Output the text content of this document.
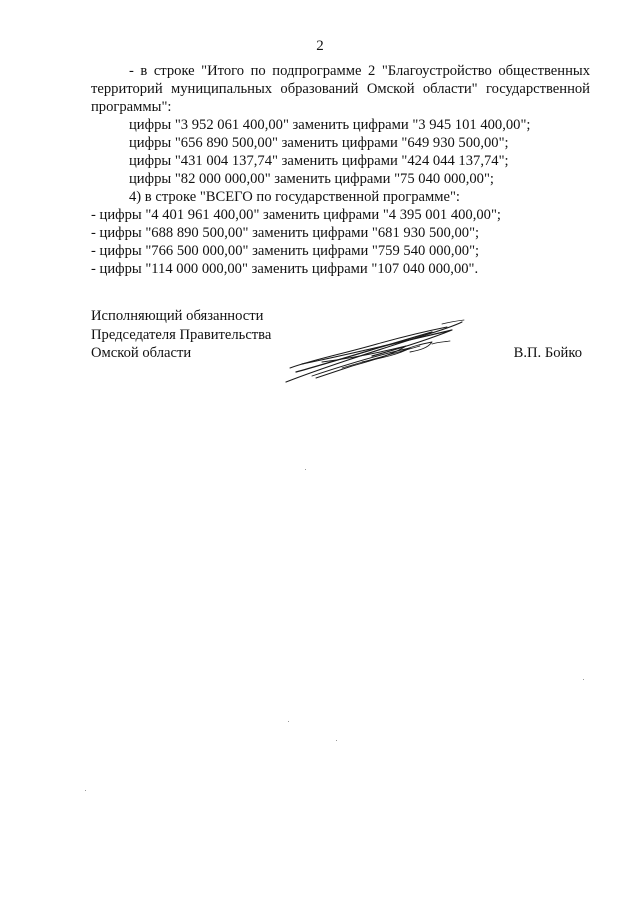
2

- в строке "Итого по подпрограмме 2 "Благоустройство общественных территорий муниципальных образований Омской области" государственной программы":

цифры "3 952 061 400,00" заменить цифрами "3 945 101 400,00";

цифры "656 890 500,00" заменить цифрами "649 930 500,00";

цифры "431 004 137,74" заменить цифрами "424 044 137,74";

цифры "82 000 000,00" заменить цифрами "75 040 000,00";

4) в строке "ВСЕГО по государственной программе":

- цифры "4 401 961 400,00" заменить цифрами "4 395 001 400,00";

- цифры "688 890 500,00" заменить цифрами "681 930 500,00";

- цифры "766 500 000,00" заменить цифрами "759 540 000,00";

- цифры "114 000 000,00" заменить цифрами "107 040 000,00".

Исполняющий обязанности

Председателя Правительства

Омской области	В.П. Бойко
